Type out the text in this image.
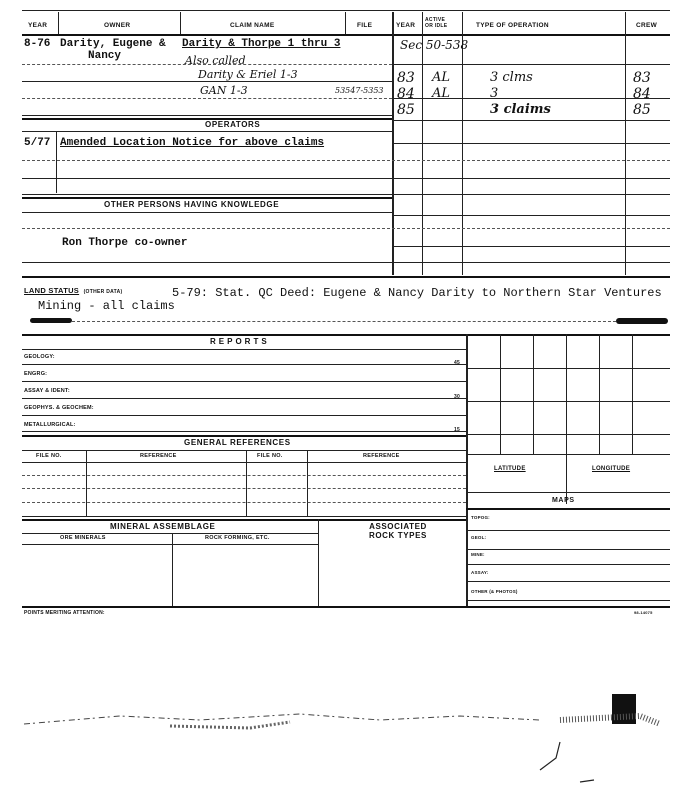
YEAR	OWNER	CLAIM NAME	FILE	YEAR
ACTIVE OR IDLE	TYPE OF OPERATION	CREW
8-76 Darity, Eugene &
Nancy
Darity & Thorpe 1 thru 3	Sec 50-538
Also called
Darity & Eriel 1-3
GAN 1-3	53547-5353
83 AL	3 clms	83
84 AL	3	84
85	3 claims	85
OPERATORS
5/77 Amended Location Notice for above claims
OTHER PERSONS HAVING KNOWLEDGE
Ron Thorpe co-owner
LAND STATUS (OTHER DATA)	5-79: Stat. QC Deed: Eugene & Nancy Darity to Northern Star Ventures
Mining - all claims
REPORTS
GEOLOGY:
45
ENGRG:
ASSAY & IDENT:
30
GEOPHYS. & GEOCHEM:
METALLURGICAL:
15
LATITUDE	LONGITUDE
MAPS
TOPOG:
GEOL:
MINE:
ASSAY:
OTHER (& PHOTOS)
GENERAL REFERENCES
FILE NO.	REFERENCE	FILE NO.	REFERENCE
MINERAL ASSEMBLAGE	ASSOCIATED ROCK TYPES
ORE MINERALS	ROCK FORMING, ETC.
POINTS MERITING ATTENTION:	98-14075
